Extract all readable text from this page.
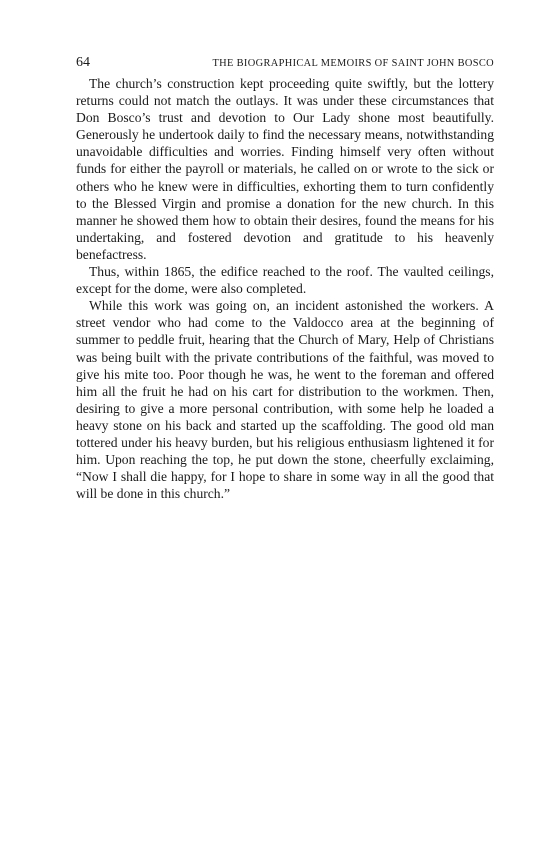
64	THE BIOGRAPHICAL MEMOIRS OF SAINT JOHN BOSCO

The church’s construction kept proceeding quite swiftly, but the lottery returns could not match the outlays. It was under these circumstances that Don Bosco’s trust and devotion to Our Lady shone most beautifully. Generously he undertook daily to find the necessary means, notwithstanding unavoidable difficulties and worries. Finding himself very often without funds for either the payroll or materials, he called on or wrote to the sick or others who he knew were in difficulties, exhorting them to turn confidently to the Blessed Virgin and promise a donation for the new church. In this manner he showed them how to obtain their desires, found the means for his undertaking, and fostered devotion and gratitude to his heavenly benefactress.

Thus, within 1865, the edifice reached to the roof. The vaulted ceilings, except for the dome, were also completed.

While this work was going on, an incident astonished the workers. A street vendor who had come to the Valdocco area at the beginning of summer to peddle fruit, hearing that the Church of Mary, Help of Christians was being built with the private contributions of the faithful, was moved to give his mite too. Poor though he was, he went to the foreman and offered him all the fruit he had on his cart for distribution to the workmen. Then, desiring to give a more personal contribution, with some help he loaded a heavy stone on his back and started up the scaffolding. The good old man tottered under his heavy burden, but his religious enthusiasm lightened it for him. Upon reaching the top, he put down the stone, cheerfully exclaiming, “Now I shall die happy, for I hope to share in some way in all the good that will be done in this church.”
